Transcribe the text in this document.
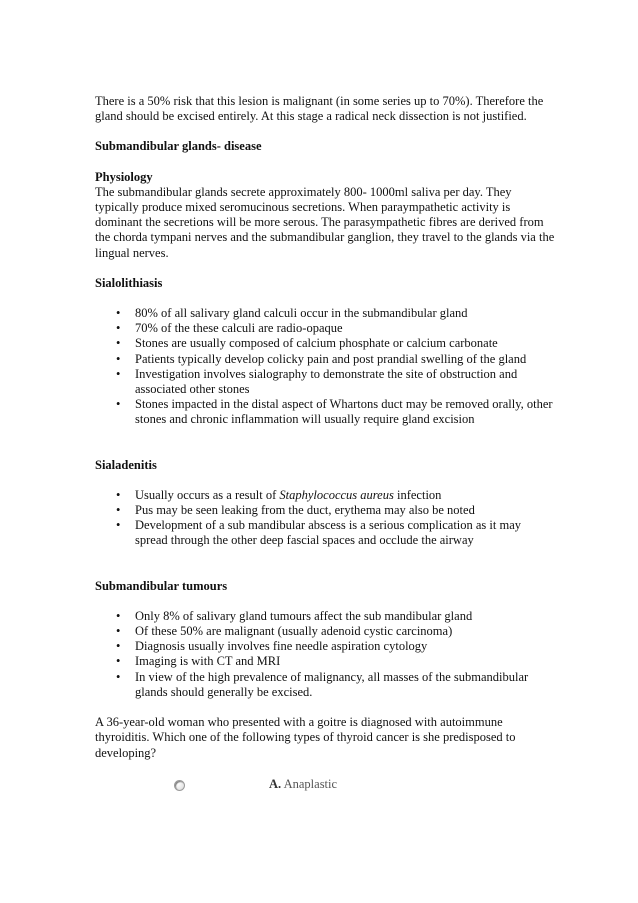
There is a 50% risk that this lesion is malignant (in some series up to 70%). Therefore the gland should be excised entirely. At this stage a radical neck dissection is not justified.

Submandibular glands- disease

Physiology

The submandibular glands secrete approximately 800- 1000ml saliva per day. They typically produce mixed seromucinous secretions. When paraympathetic activity is dominant the secretions will be more serous. The parasympathetic fibres are derived from the chorda tympani nerves and the submandibular ganglion, they travel to the glands via the lingual nerves.

Sialolithiasis

• 80% of all salivary gland calculi occur in the submandibular gland
• 70% of the these calculi are radio-opaque
• Stones are usually composed of calcium phosphate or calcium carbonate
• Patients typically develop colicky pain and post prandial swelling of the gland
• Investigation involves sialography to demonstrate the site of obstruction and associated other stones
• Stones impacted in the distal aspect of Whartons duct may be removed orally, other stones and chronic inflammation will usually require gland excision

Sialadenitis

• Usually occurs as a result of Staphylococcus aureus infection
• Pus may be seen leaking from the duct, erythema may also be noted
• Development of a sub mandibular abscess is a serious complication as it may spread through the other deep fascial spaces and occlude the airway

Submandibular tumours

• Only 8% of salivary gland tumours affect the sub mandibular gland
• Of these 50% are malignant (usually adenoid cystic carcinoma)
• Diagnosis usually involves fine needle aspiration cytology
• Imaging is with CT and MRI
• In view of the high prevalence of malignancy, all masses of the submandibular glands should generally be excised.

A 36-year-old woman who presented with a goitre is diagnosed with autoimmune thyroiditis. Which one of the following types of thyroid cancer is she predisposed to developing?

A. Anaplastic
